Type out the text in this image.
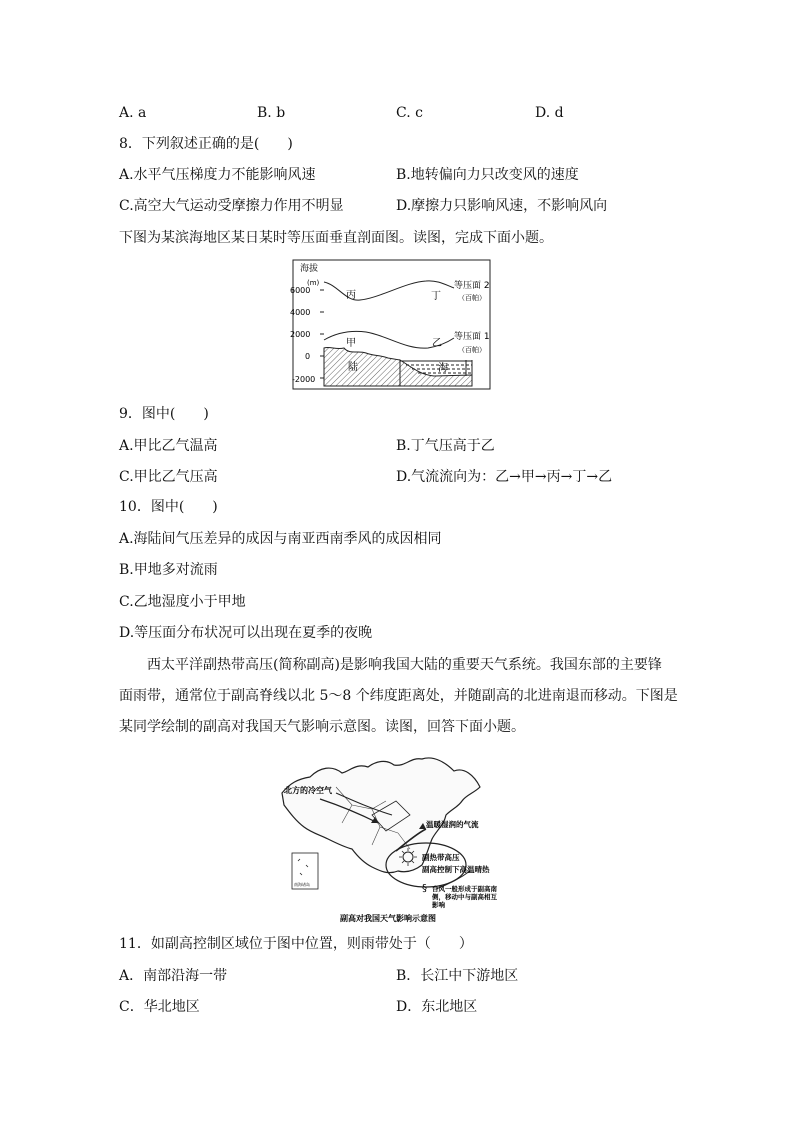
A. a	B. b	C. c	D. d
8．下列叙述正确的是(　　)
A.水平气压梯度力不能影响风速	B.地转偏向力只改变风的速度
C.高空大气运动受摩擦力作用不明显	D.摩擦力只影响风速，不影响风向
下图为某滨海地区某日某时等压面垂直剖面图。读图，完成下面小题。
海拔
(m)
6000
4000
2000
0
-2000
丙	丁
甲	乙
陆	海
等压面 2
（百帕）
等压面 1
（百帕）
9．图中(　　)
A.甲比乙气温高	B.丁气压高于乙
C.甲比乙气压高	D.气流流向为：乙→甲→丙→丁→乙
10．图中(　　)
A.海陆间气压差异的成因与南亚西南季风的成因相同
B.甲地多对流雨
C.乙地湿度小于甲地
D.等压面分布状况可以出现在夏季的夜晚
西太平洋副热带高压(简称副高)是影响我国大陆的重要天气系统。我国东部的主要锋
面雨带，通常位于副高脊线以北 5～8 个纬度距离处，并随副高的北进南退而移动。下图是
某同学绘制的副高对我国天气影响示意图。读图，回答下面小题。
§
北方的冷空气
温暖湿润的气流
副热带高压
副高控制下高温晴热
台风一般形成于副高南
侧，移动中与副高相互
影响
南海诸岛
副高对我国天气影响示意图
11．如副高控制区域位于图中位置，则雨带处于（　　）
A．南部沿海一带	B．长江中下游地区
C．华北地区	D．东北地区
